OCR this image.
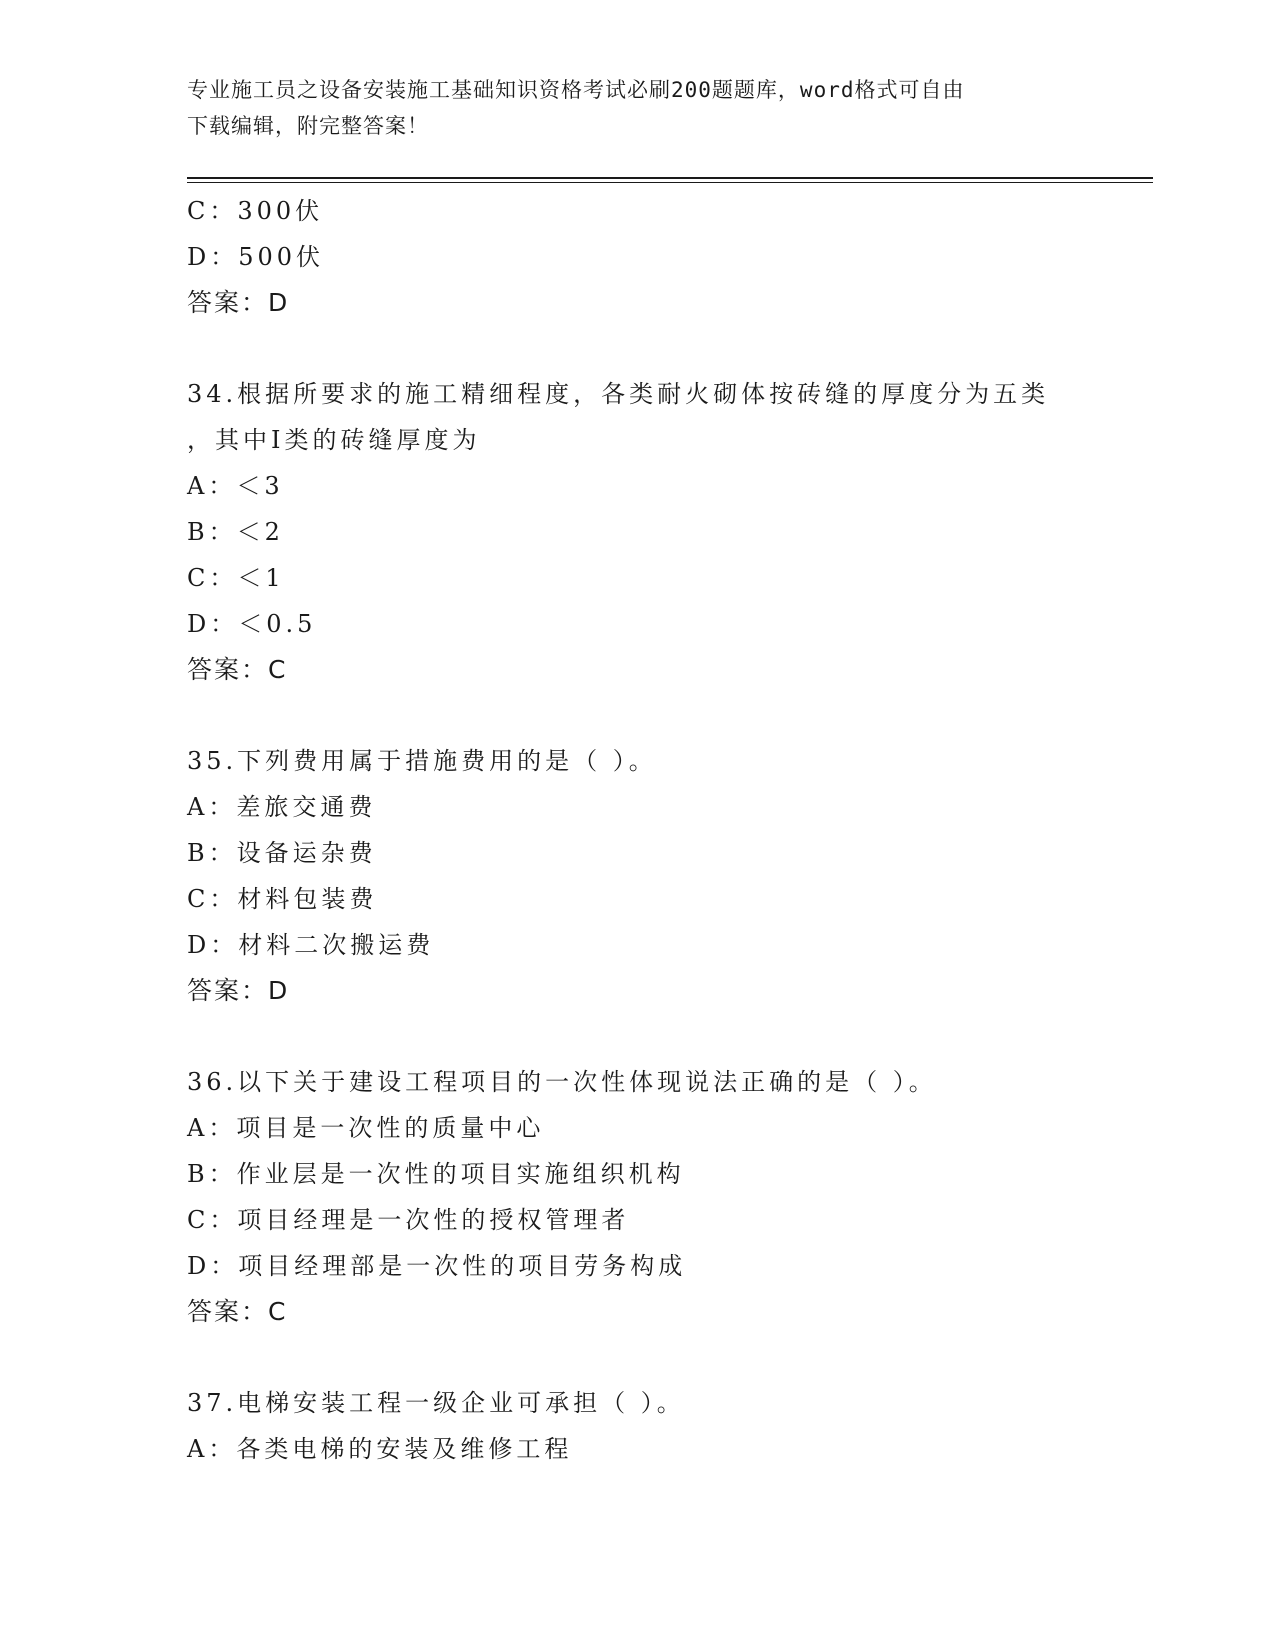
专业施工员之设备安装施工基础知识资格考试必刷200题题库，word格式可自由
下载编辑，附完整答案！
C：300伏
D：500伏
答案：D
34.根据所要求的施工精细程度，各类耐火砌体按砖缝的厚度分为五类
，其中Ⅰ类的砖缝厚度为
A：＜3
B：＜2
C：＜1
D：＜0.5
答案：C
35.下列费用属于措施费用的是（ ）。
A：差旅交通费
B：设备运杂费
C：材料包装费
D：材料二次搬运费
答案：D
36.以下关于建设工程项目的一次性体现说法正确的是（ ）。
A：项目是一次性的质量中心
B：作业层是一次性的项目实施组织机构
C：项目经理是一次性的授权管理者
D：项目经理部是一次性的项目劳务构成
答案：C
37.电梯安装工程一级企业可承担（ ）。
A：各类电梯的安装及维修工程
